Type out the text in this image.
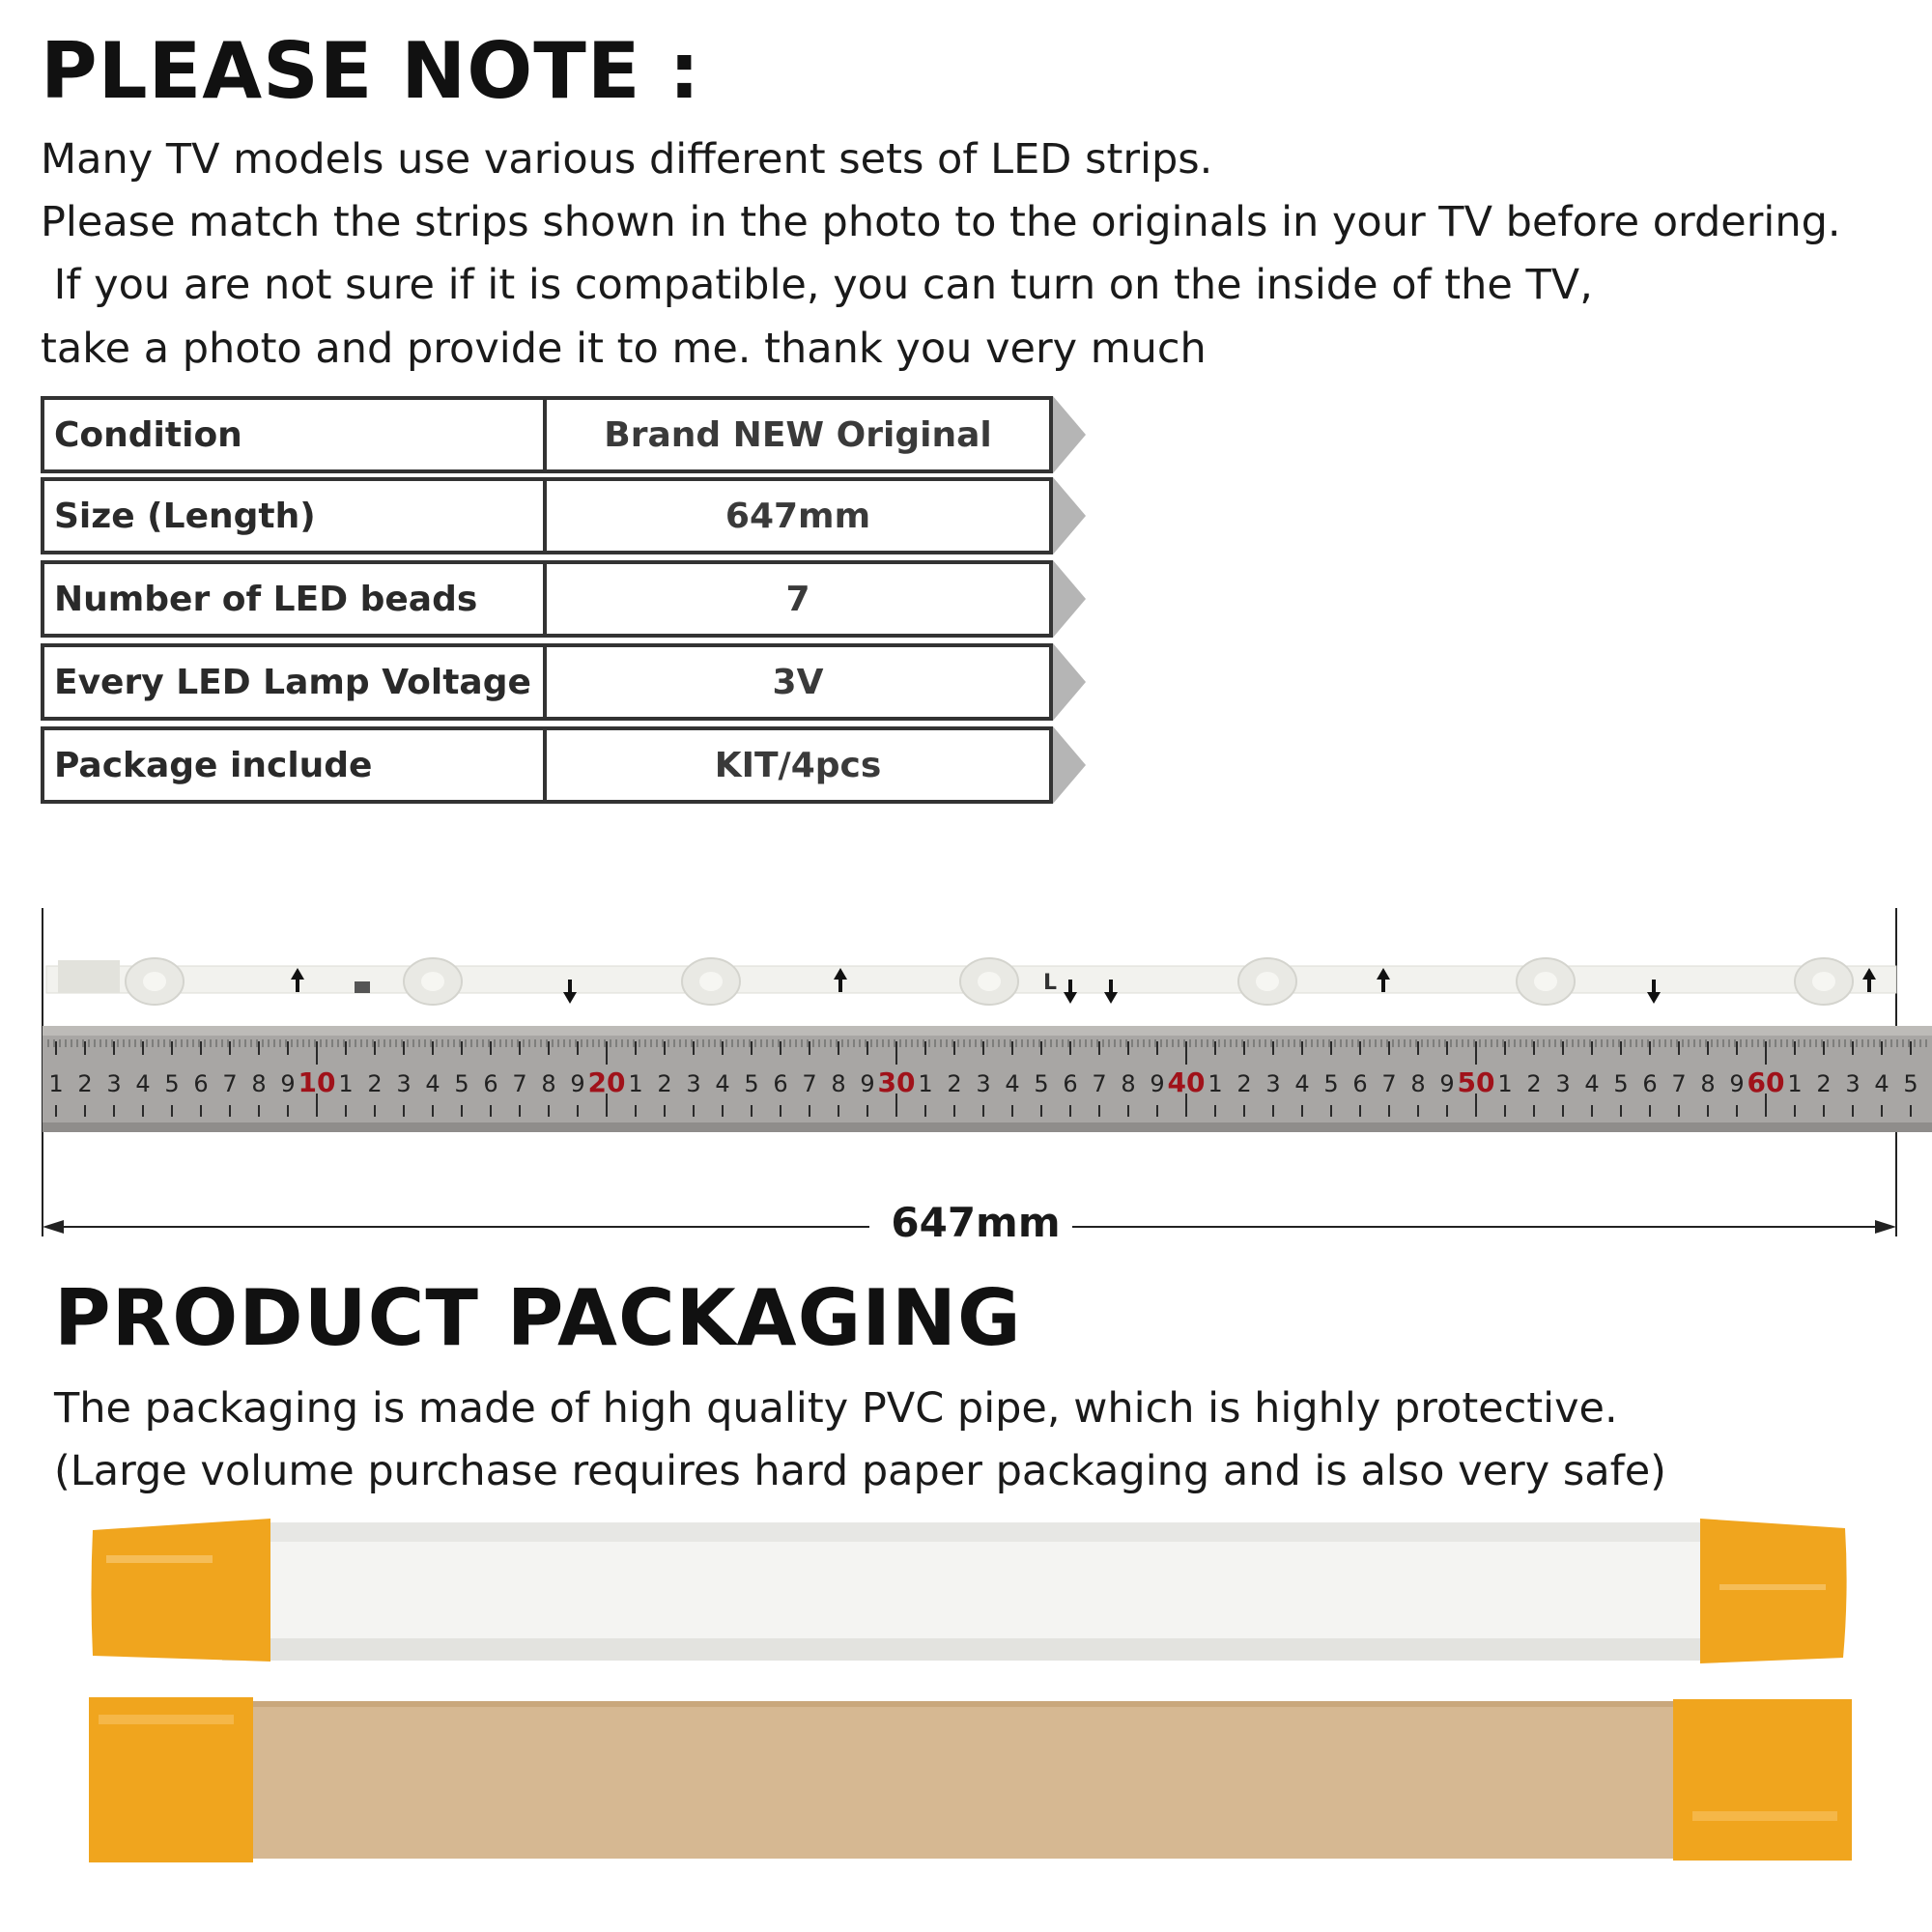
PLEASE NOTE :
Many TV models use various different sets of LED strips.
Please match the strips shown in the photo to the originals in your TV before ordering.
If you are not sure if it is compatible, you can turn on the inside of the TV,
take a photo and provide it to me. thank you very much
Condition	Brand NEW Original
Size (Length)	647mm
Number of LED beads	7
Every LED Lamp Voltage	3V
Package include	KIT/4pcs
L
1 2 3 4 5 6 7 8 9 10 1 2 3 4 5 6 7 8 9 20 1 2 3 4 5 6 7 8 9 30 1 2 3 4 5 6 7 8 9 40 1 2 3 4 5 6 7 8 9 50 1 2 3 4 5 6 7 8 9 60 1 2 3 4 5
647mm
PRODUCT PACKAGING
The packaging is made of high quality PVC pipe, which is highly protective.
(Large volume purchase requires hard paper packaging and is also very safe)
